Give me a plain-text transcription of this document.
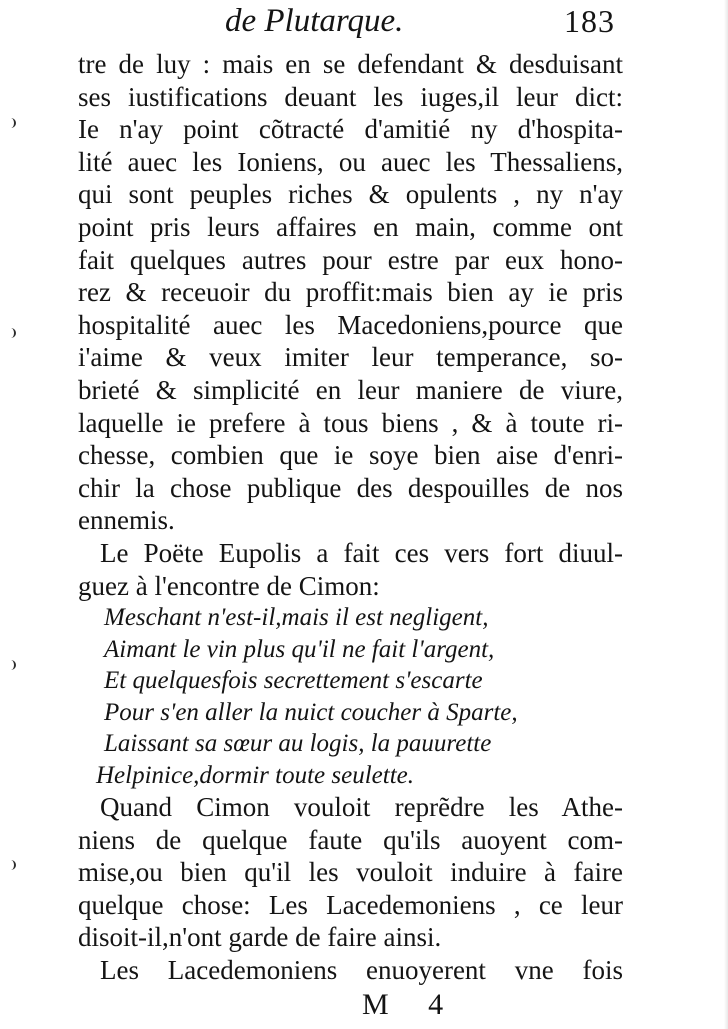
de Plutarque.	183
tre de luy : mais en se defendant & desduisant
ses iustifications deuant les iuges,il leur dict:
Ie n'ay point cõtracté d'amitié ny d'hospita-
lité auec les Ioniens, ou auec les Thessaliens,
qui sont peuples riches & opulents , ny n'ay
point pris leurs affaires en main, comme ont
fait quelques autres pour estre par eux hono-
rez & receuoir du proffit:mais bien ay ie pris
hospitalité auec les Macedoniens,pource que
i'aime & veux imiter leur temperance, so-
brieté & simplicité en leur maniere de viure,
laquelle ie prefere à tous biens , & à toute ri-
chesse, combien que ie soye bien aise d'enri-
chir la chose publique des despouilles de nos
ennemis.
Le Poëte Eupolis a fait ces vers fort diuul-
guez à l'encontre de Cimon:
Meschant n'est-il,mais il est negligent,
Aimant le vin plus qu'il ne fait l'argent,
Et quelquesfois secrettement s'escarte
Pour s'en aller la nuict coucher à Sparte,
Laissant sa sœur au logis, la pauurette
Helpinice,dormir toute seulette.
Quand Cimon vouloit reprẽdre les Athe-
niens de quelque faute qu'ils auoyent com-
mise,ou bien qu'il les vouloit induire à faire
quelque chose: Les Lacedemoniens , ce leur
disoit-il,n'ont garde de faire ainsi.
Les Lacedemoniens enuoyerent vne fois
M 4
